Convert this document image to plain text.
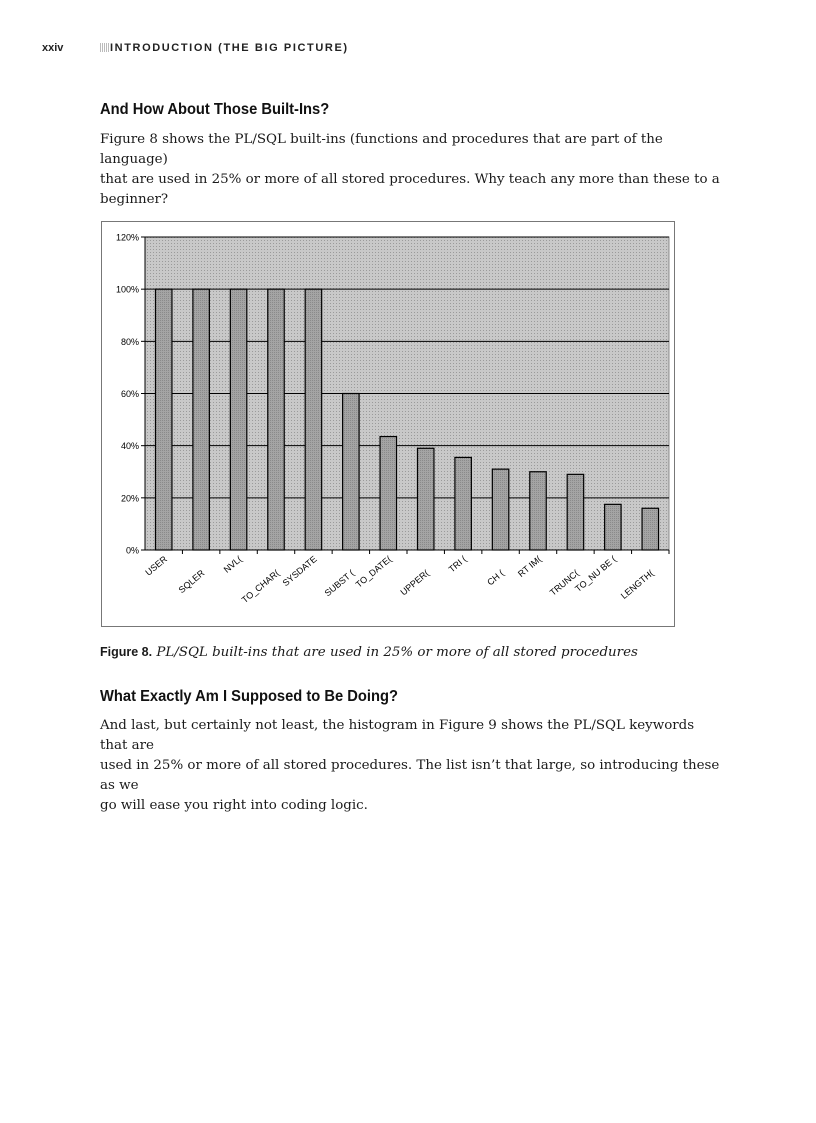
xxiv	INTRODUCTION (THE BIG PICTURE)
And How About Those Built-Ins?

Figure 8 shows the PL/SQL built-ins (functions and procedures that are part of the language)
that are used in 25% or more of all stored procedures. Why teach any more than these to a
beginner?

0%
20%
40%
60%
80%
100%
120%
USER
SQLER
NVL(
TO_CHAR( SYSDATE SUBST (
TO_DATE( UPPER(
TRI (
CH ( RT IM(
TRUNC(
TO_NU BE ( LENGTH(
Figure 8. PL/SQL built-ins that are used in 25% or more of all stored procedures
What Exactly Am I Supposed to Be Doing?

And last, but certainly not least, the histogram in Figure 9 shows the PL/SQL keywords that are
used in 25% or more of all stored procedures. The list isn’t that large, so introducing these as we
go will ease you right into coding logic.
